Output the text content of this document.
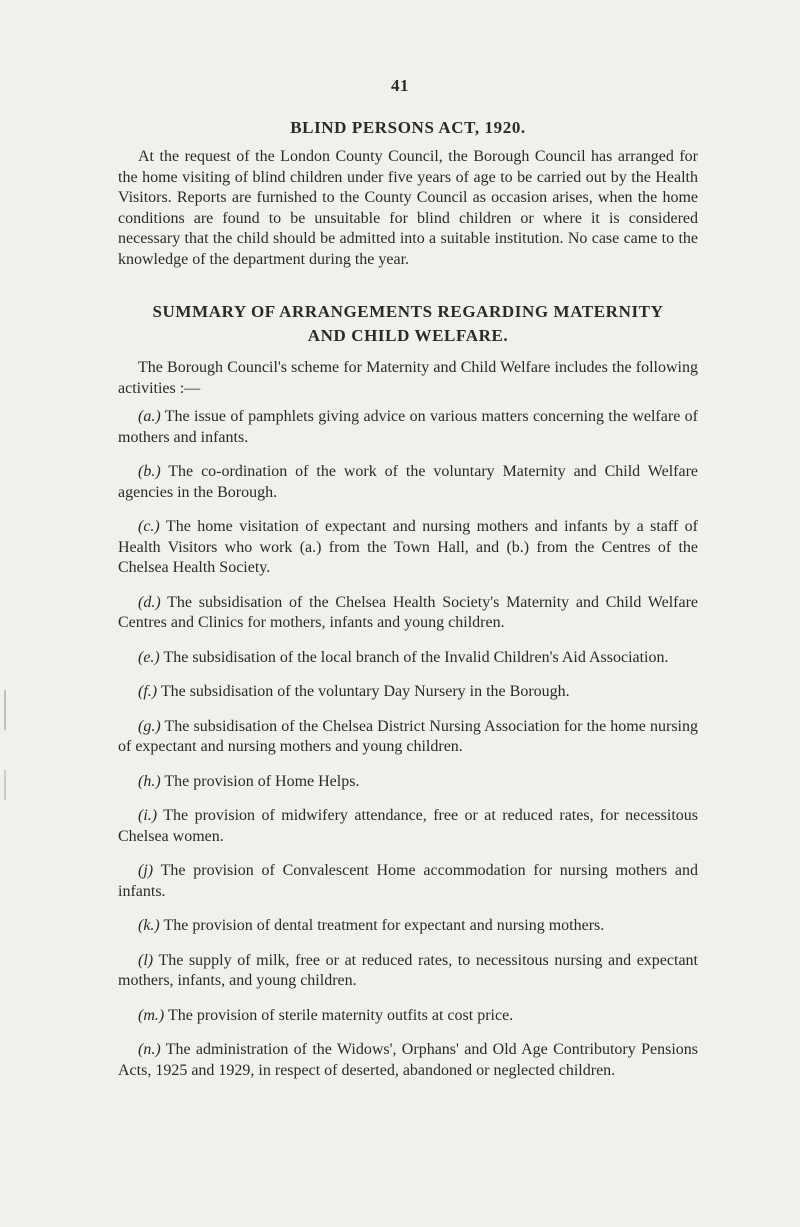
41
BLIND PERSONS ACT, 1920.

At the request of the London County Council, the Borough Council has arranged for the home visiting of blind children under five years of age to be carried out by the Health Visitors. Reports are furnished to the County Council as occasion arises, when the home conditions are found to be unsuitable for blind children or where it is considered necessary that the child should be admitted into a suitable institution. No case came to the knowledge of the department during the year.

SUMMARY OF ARRANGEMENTS REGARDING MATERNITY
AND CHILD WELFARE.

The Borough Council's scheme for Maternity and Child Welfare includes the following activities :—

(a.) The issue of pamphlets giving advice on various matters concerning the welfare of mothers and infants.

(b.) The co-ordination of the work of the voluntary Maternity and Child Welfare agencies in the Borough.

(c.) The home visitation of expectant and nursing mothers and infants by a staff of Health Visitors who work (a.) from the Town Hall, and (b.) from the Centres of the Chelsea Health Society.

(d.) The subsidisation of the Chelsea Health Society's Maternity and Child Welfare Centres and Clinics for mothers, infants and young children.

(e.) The subsidisation of the local branch of the Invalid Children's Aid Association.

(f.) The subsidisation of the voluntary Day Nursery in the Borough.

(g.) The subsidisation of the Chelsea District Nursing Association for the home nursing of expectant and nursing mothers and young children.

(h.) The provision of Home Helps.

(i.) The provision of midwifery attendance, free or at reduced rates, for necessitous Chelsea women.

(j) The provision of Convalescent Home accommodation for nursing mothers and infants.

(k.) The provision of dental treatment for expectant and nursing mothers.

(l) The supply of milk, free or at reduced rates, to necessitous nursing and expectant mothers, infants, and young children.

(m.) The provision of sterile maternity outfits at cost price.

(n.) The administration of the Widows', Orphans' and Old Age Contributory Pensions Acts, 1925 and 1929, in respect of deserted, abandoned or neglected children.
